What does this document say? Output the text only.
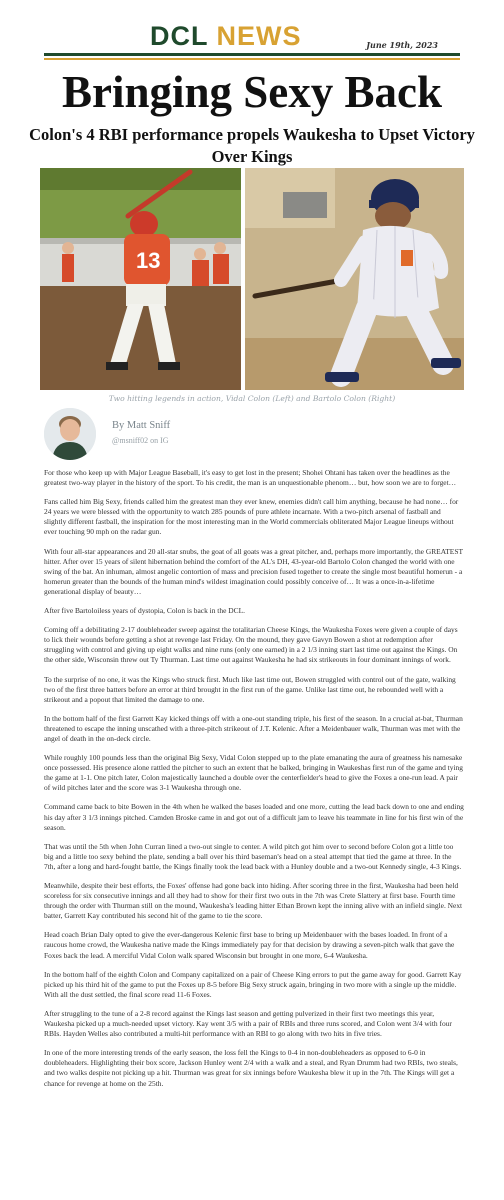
DCL NEWS	June 19th, 2023
Bringing Sexy Back
Colon's 4 RBI performance propels Waukesha to Upset Victory Over Kings
13
Two hitting legends in action, Vidal Colon (Left) and Bartolo Colon (Right)
By Matt Sniff
@msniff02 on IG

For those who keep up with Major League Baseball, it's easy to get lost in the present; Shohei Ohtani has taken over the headlines as the greatest two-way player in the history of the sport. To his credit, the man is an unquestionable phenom… but, how soon we are to forget…

Fans called him Big Sexy, friends called him the greatest man they ever knew, enemies didn't call him anything, because he had none… for 24 years we were blessed with the opportunity to watch 285 pounds of pure athlete incarnate. With a two-pitch arsenal of fastball and slightly different fastball, the inspiration for the most interesting man in the World commercials obliterated Major League lineups without ever touching 90 mph on the radar gun.

With four all-star appearances and 20 all-star snubs, the goat of all goats was a great pitcher, and, perhaps more importantly, the GREATEST hitter. After over 15 years of silent hibernation behind the comfort of the AL's DH, 43-year-old Bartolo Colon changed the world with one swing of the bat. An inhuman, almost angelic contortion of mass and precision fused together to create the single most beautiful homerun - a homerun greater than the bounds of the human mind's wildest imagination could possibly conceive of… It was a once-in-a-lifetime generational display of beauty…

After five Bartoloiless years of dystopia, Colon is back in the DCL.

Coming off a debilitating 2-17 doubleheader sweep against the totalitarian Cheese Kings, the Waukesha Foxes were given a couple of days to lick their wounds before getting a shot at revenge last Friday. On the mound, they gave Gavyn Bowen a shot at redemption after struggling with control and giving up eight walks and nine runs (only one earned) in a 2 1/3 inning start last time out against the Kings. On the other side, Wisconsin threw out Ty Thurman. Last time out against Waukesha he had six strikeouts in four dominant innings of work.

To the surprise of no one, it was the Kings who struck first. Much like last time out, Bowen struggled with control out of the gate, walking two of the first three batters before an error at third brought in the first run of the game. Unlike last time out, he rebounded well with a strikeout and a popout that limited the damage to one.

In the bottom half of the first Garrett Kay kicked things off with a one-out standing triple, his first of the season. In a crucial at-bat, Thurman threatened to escape the inning unscathed with a three-pitch strikeout of J.T. Kelenic. After a Meidenbauer walk, Thurman was met with the angel of death in the on-deck circle.

While roughly 100 pounds less than the original Big Sexy, Vidal Colon stepped up to the plate emanating the aura of greatness his namesake once possessed. His presence alone rattled the pitcher to such an extent that he balked, bringing in Waukeshas first run of the game and tying the game at 1-1. One pitch later, Colon majestically launched a double over the centerfielder's head to give the Foxes a one-run lead. A pair of wild pitches later and the score was 3-1 Waukesha through one.

Command came back to bite Bowen in the 4th when he walked the bases loaded and one more, cutting the lead back down to one and ending his day after 3 1/3 innings pitched. Camden Broske came in and got out of a difficult jam to leave his teammate in line for his first win of the season.

That was until the 5th when John Curran lined a two-out single to center. A wild pitch got him over to second before Colon got a little too big and a little too sexy behind the plate, sending a ball over his third baseman's head on a steal attempt that tied the game at three. In the 7th, after a long and hard-fought battle, the Kings finally took the lead back with a Hunley double and a two-out Kennedy single, 4-3 Kings.

Meanwhile, despite their best efforts, the Foxes' offense had gone back into hiding. After scoring three in the first, Waukesha had been held scoreless for six consecutive innings and all they had to show for their first two outs in the 7th was Crete Slattery at first base. Fourth time through the order with Thurman still on the mound, Waukesha's leading hitter Ethan Brown kept the inning alive with an infield single. Next batter, Garrett Kay contributed his second hit of the game to tie the score.

Head coach Brian Daly opted to give the ever-dangerous Kelenic first base to bring up Meidenbauer with the bases loaded. In front of a raucous home crowd, the Waukesha native made the Kings immediately pay for that decision by drawing a seven-pitch walk that gave the Foxes back the lead. A merciful Vidal Colon walk spared Wisconsin but brought in one more, 6-4 Waukesha.

In the bottom half of the eighth Colon and Company capitalized on a pair of Cheese King errors to put the game away for good. Garrett Kay picked up his third hit of the game to put the Foxes up 8-5 before Big Sexy struck again, bringing in two more with a single up the middle. With all the dust settled, the final score read 11-6 Foxes.

After struggling to the tune of a 2-8 record against the Kings last season and getting pulverized in their first two meetings this year, Waukesha picked up a much-needed upset victory. Kay went 3/5 with a pair of RBIs and three runs scored, and Colon went 3/4 with four RBIs. Hayden Welles also contributed a multi-hit performance with an RBI to go along with two hits in five tries.

In one of the more interesting trends of the early season, the loss fell the Kings to 0-4 in non-doubleheaders as opposed to 6-0 in doubleheaders. Highlighting their box score, Jackson Hunley went 2/4 with a walk and a steal, and Ryan Drumm had two RBIs, two steals, and two walks despite not picking up a hit. Thurman was great for six innings before Waukesha blew it up in the 7th. The Kings will get a chance for revenge at home on the 25th.
